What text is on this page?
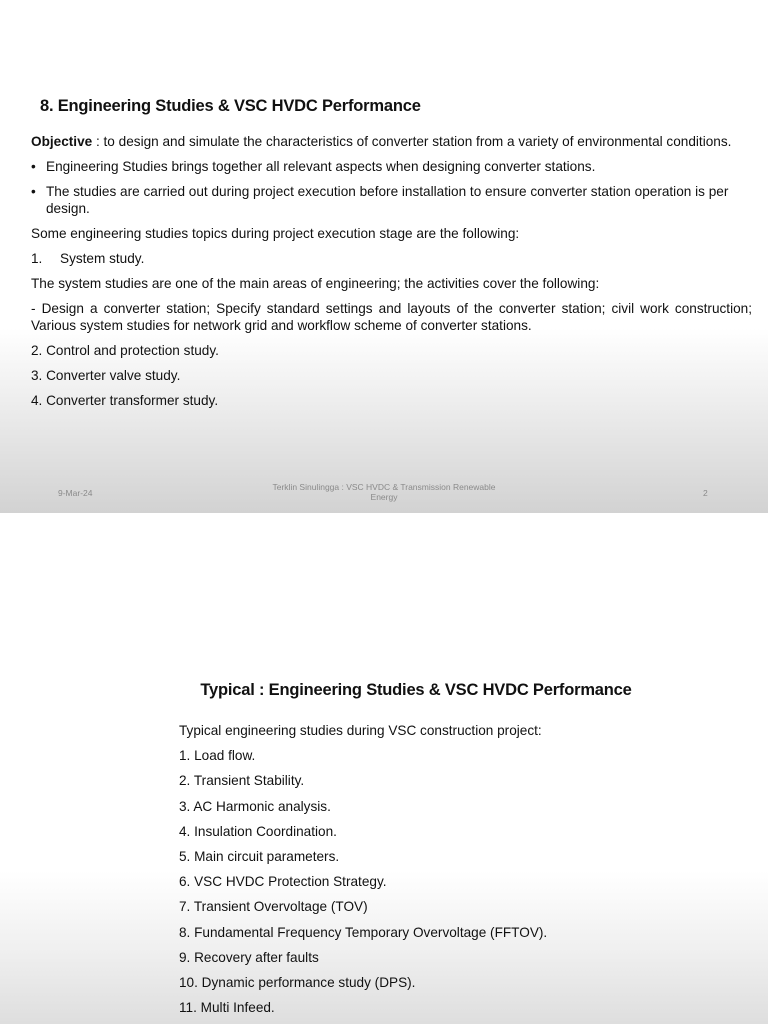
8. Engineering Studies & VSC HVDC Performance

Objective : to design and simulate the characteristics of converter station from a variety of environmental conditions.

• Engineering Studies brings together all relevant aspects when designing converter stations.
• The studies are carried out during project execution before installation to ensure converter station operation is per design.

Some engineering studies topics during project execution stage are the following:

1. System study.

The system studies are one of the main areas of engineering; the activities cover the following:

- Design a converter station; Specify standard settings and layouts of the converter station; civil work construction; Various system studies for network grid and workflow scheme of converter stations.

2. Control and protection study.

3. Converter valve study.

4. Converter transformer study.

9-Mar-24
Terklin Sinulingga : VSC HVDC & Transmission Renewable
Energy	2
Typical : Engineering Studies & VSC HVDC Performance
Typical engineering studies during VSC construction project:
1. Load flow.
2. Transient Stability.
3. AC Harmonic analysis.
4. Insulation Coordination.
5. Main circuit parameters.
6. VSC HVDC Protection Strategy.
7. Transient Overvoltage (TOV)
8. Fundamental Frequency Temporary Overvoltage (FFTOV).
9. Recovery after faults
10. Dynamic performance study (DPS).
11. Multi Infeed.
